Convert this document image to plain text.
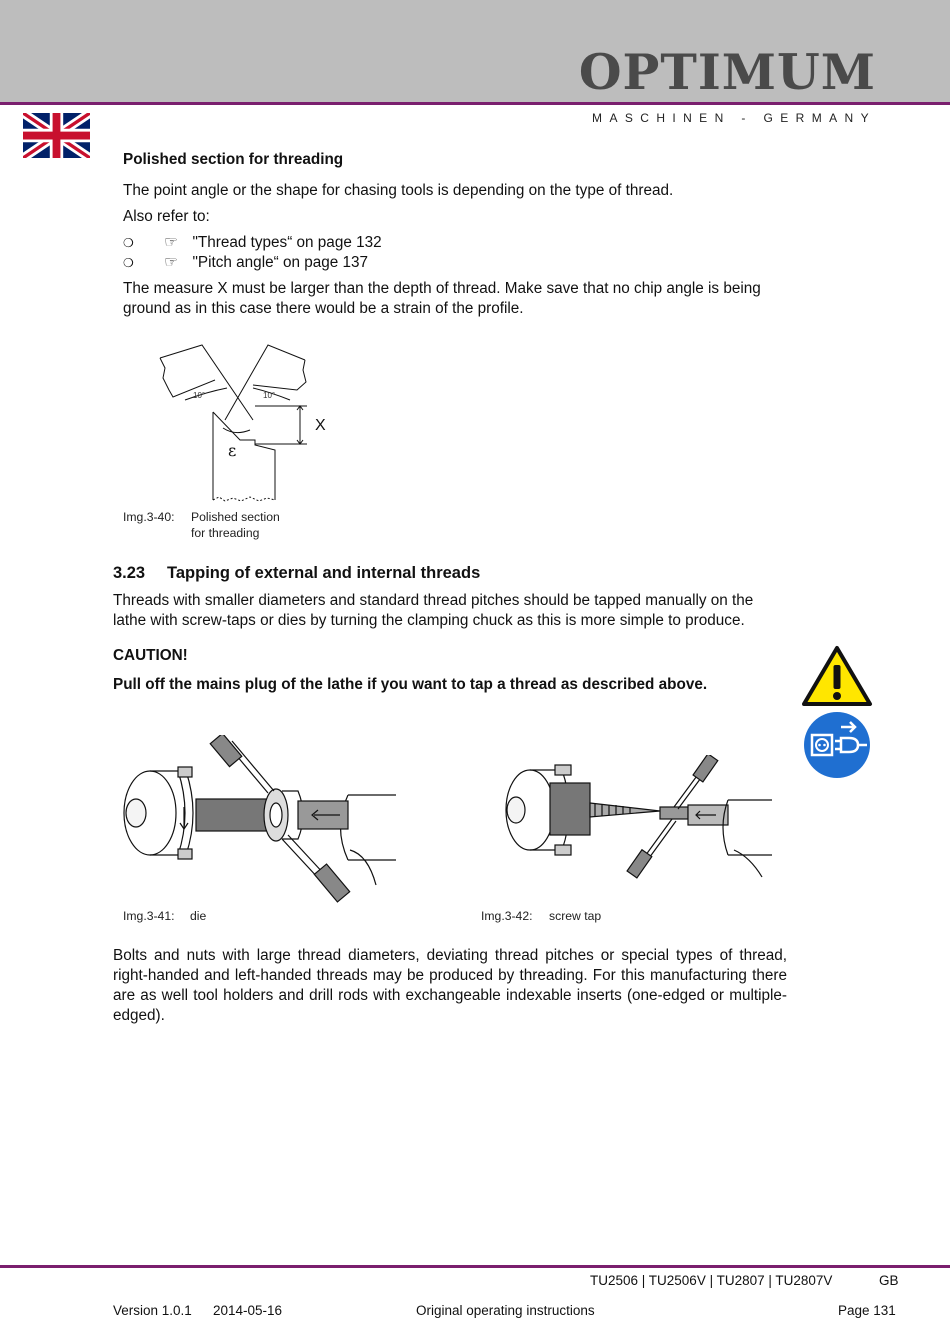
OPTIMUM
MASCHINEN - GERMANY
Polished section for threading
The point angle or the shape for chasing tools is depending on the type of thread.
Also refer to:
❍ ☞ "Thread types“ on page 132
❍ ☞ "Pitch angle“ on page 137
The measure X must be larger than the depth of thread. Make save that no chip angle is being ground as in this case there would be a strain of the profile.
10°	10°
X
ε
Img.3-40: Polished section
for threading
3.23 Tapping of external and internal threads
Threads with smaller diameters and standard thread pitches should be tapped manually on the lathe with screw-taps or dies by turning the clamping chuck as this is more simple to produce.
CAUTION!
Pull off the mains plug of the lathe if you want to tap a thread as described above.
Img.3-41: die	Img.3-42: screw tap
Bolts and nuts with large thread diameters, deviating thread pitches or special types of thread, right-handed and left-handed threads may be produced by threading. For this manufacturing there are as well tool holders and drill rods with exchangeable indexable inserts (one-edged or multiple-edged).
TU2506 | TU2506V | TU2807 | TU2807V	GB
Version 1.0.1 2014-05-16	Original operating instructions	Page 131
